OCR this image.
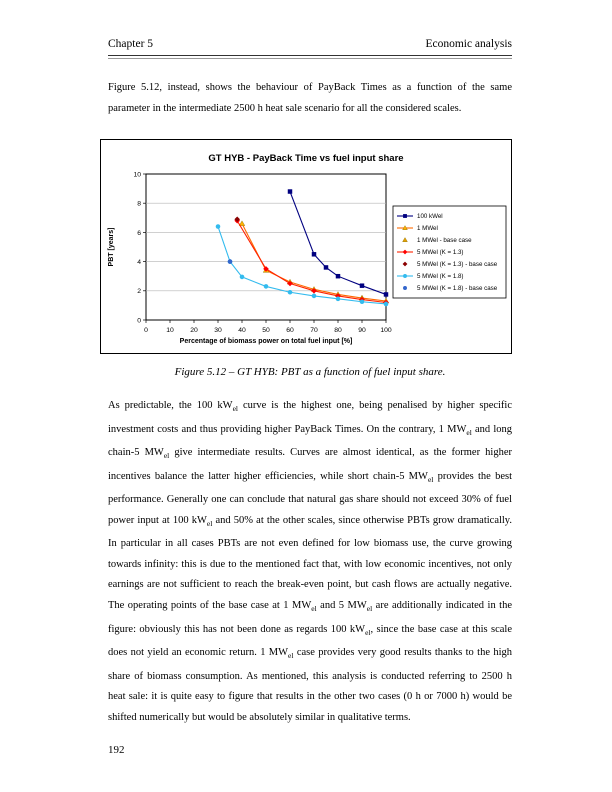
Chapter 5	Economic analysis

Figure 5.12, instead, shows the behaviour of PayBack Times as a function of the same parameter in the intermediate 2500 h heat sale scenario for all the considered scales.

GT HYB - PayBack Time vs fuel input share
0
2
4
6
8
10
0	10 20 30 40 50 60 70 80 90 100
Percentage of biomass power on total fuel input [%]
PBT [years]
100 kWel
1 MWel
1 MWel - base case
5 MWel (K = 1.3)
5 MWel (K = 1.3) - base case
5 MWel (K = 1.8)
5 MWel (K = 1.8) - base case

Figure 5.12 – GT HYB: PBT as a function of fuel input share.

As predictable, the 100 $kW_{el}$ curve is the highest one, being penalised by higher specific investment costs and thus providing higher PayBack Times. On the contrary, 1 $MW_{el}$ and long chain-5 $MW_{el}$ give intermediate results. Curves are almost identical, as the former higher incentives balance the latter higher efficiencies, while short chain-5 $MW_{el}$ provides the best performance. Generally one can conclude that natural gas share should not exceed 30% of fuel power input at 100 $kW_{el}$ and 50% at the other scales, since otherwise PBTs grow dramatically. In particular in all cases PBTs are not even defined for low biomass use, the curve growing towards infinity: this is due to the mentioned fact that, with low economic incentives, not only earnings are not sufficient to reach the break-even point, but cash flows are actually negative. The operating points of the base case at 1 $MW_{el}$ and 5 $MW_{el}$ are additionally indicated in the figure: obviously this has not been done as regards 100 $kW_{el}$, since the base case at this scale does not yield an economic return. 1 $MW_{el}$ case provides very good results thanks to the high share of biomass consumption. As mentioned, this analysis is conducted referring to 2500 h heat sale: it is quite easy to figure that results in the other two cases (0 h or 7000 h) would be shifted numerically but would be absolutely similar in qualitative terms.

192
